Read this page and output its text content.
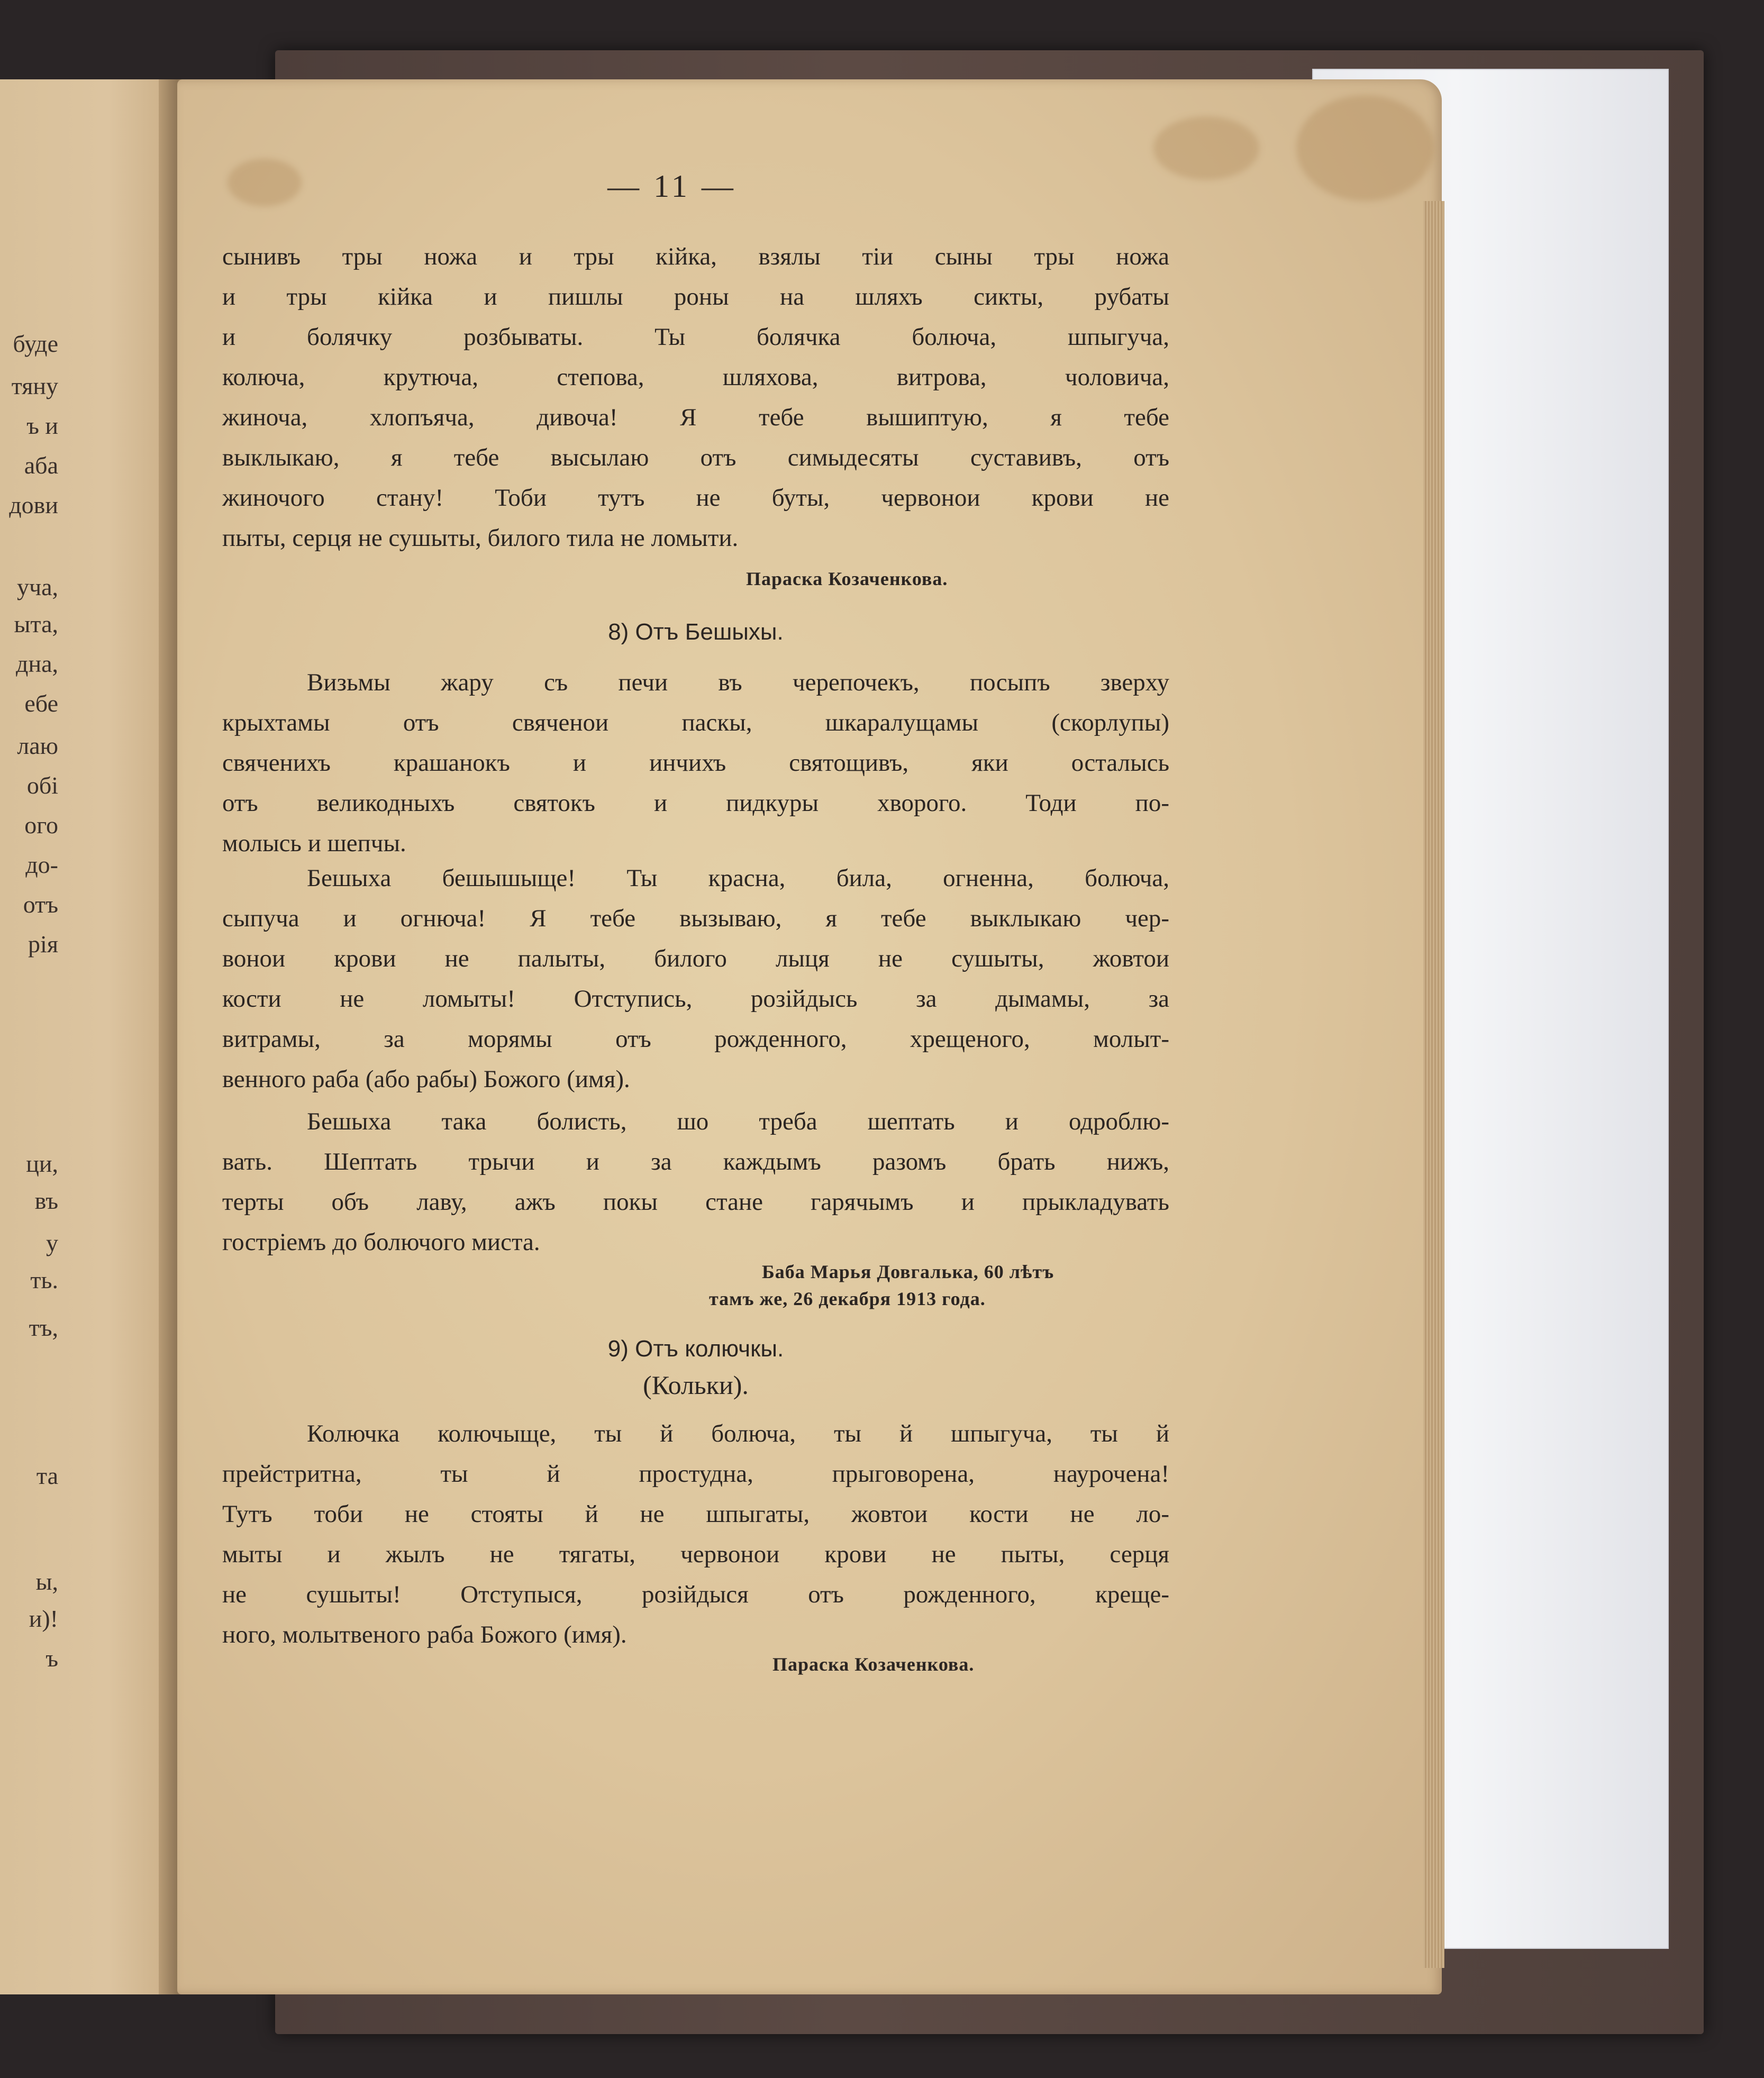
— 11 —
буде
тяну
ъ и
аба
дови
уча,
ыта,
дна,
ебе
лаю
обі
ого
до-
отъ
рія
ци,
въ
у
ть.
тъ,
та
ы,
и)!
ъ
сынивъ тры ножа и тры кійка, взялы тіи сыны тры ножа
и тры кійка и пишлы роны на шляхъ сикты, рубаты
и болячку розбываты. Ты болячка болюча, шпыгуча,
колюча, крутюча, степова, шляхова, витрова, чоловича,
жиноча, хлопъяча, дивоча! Я тебе вышиптую, я тебе
выклыкаю, я тебе высылаю отъ симыдесяты суставивъ, отъ
жиночого стану! Тоби тутъ не буты, червонои крови не
пыты, серця не сушыты, билого тила не ломыти.
Параска Козаченкова.
8) Отъ Бешыхы.
Визьмы жару съ печи въ черепочекъ, посыпъ зверху
крыхтамы отъ свяченои паскы, шкаралущамы (скорлупы)
свяченихъ крашанокъ и инчихъ святощивъ, яки осталысь
отъ великодныхъ святокъ и пидкуры хворого. Тоди по-
молысь и шепчы.
Бешыха бешышыще! Ты красна, била, огненна, болюча,
сыпуча и огнюча! Я тебе вызываю, я тебе выклыкаю чер-
вонои крови не палыты, билого лыця не сушыты, жовтои
кости не ломыты! Отступись, розійдысь за дымамы, за
витрамы, за морямы отъ рожденного, хрещеного, молыт-
венного раба (або рабы) Божого (имя).
Бешыха така болисть, шо треба шептать и одроблю-
вать. Шептать трычи и за каждымъ разомъ брать нижъ,
терты объ лаву, ажъ покы стане гарячымъ и прыкладувать
гостріемъ до болючого миста.
Баба Марья Довгалька, 60 лѣтъ
тамъ же, 26 декабря 1913 года.
9) Отъ колючкы.
(Кольки).
Колючка колючыще, ты й болюча, ты й шпыгуча, ты й
прейстритна, ты й простудна, прыговорена, наурочена!
Тутъ тоби не стояты й не шпыгаты, жовтои кости не ло-
мыты и жылъ не тягаты, червонои крови не пыты, серця
не сушыты! Отступыся, розійдыся отъ рожденного, крещe-
ного, молытвеного раба Божого (имя).
Параска Козаченкова.
